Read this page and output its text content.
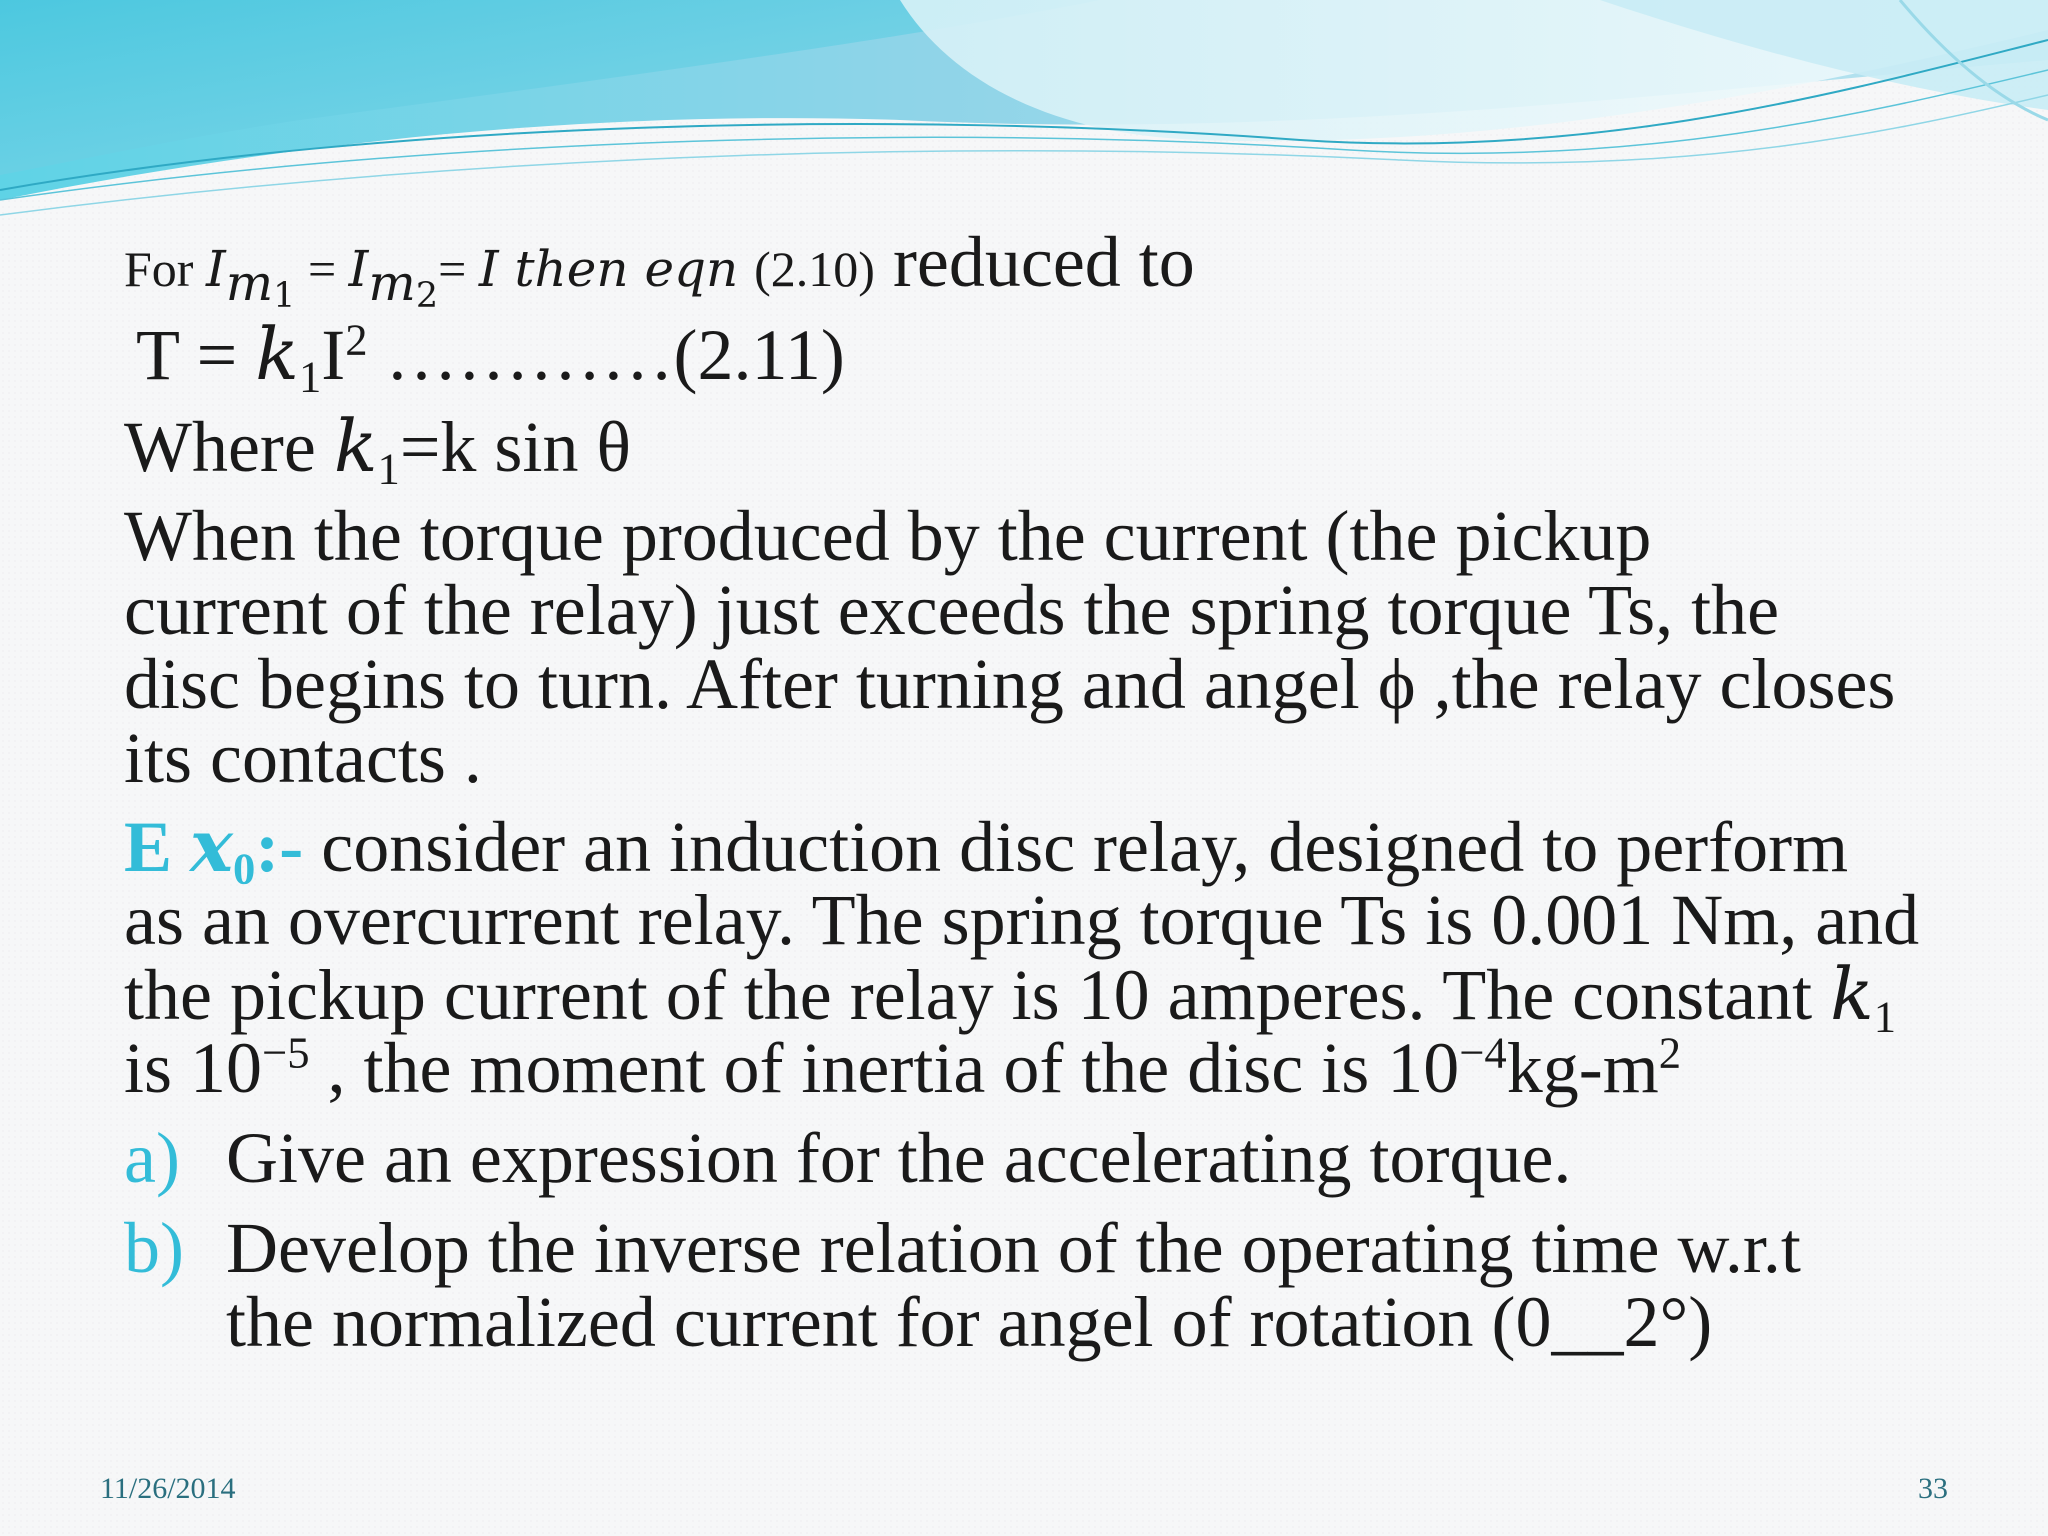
For $I_{m1} = I_{m2}= I$ then eqn (2.10) reduced to
$T = k_1I^2$ …………(2.11)
Where $k_1=k$ sin θ
When the torque produced by the current (the pickup
current of the relay) just exceeds the spring torque Ts, the
disc begins to turn. After turning and angel ϕ ,the relay closes
its contacts .
E $x_0:-$ consider an induction disc relay, designed to perform
as an overcurrent relay. The spring torque Ts is 0.001 Nm, and
the pickup current of the relay is 10 amperes. The constant $k_1$
is $10^{-5}$ , the moment of inertia of the disc is $10^{-4}kg-m^2$
a) Give an expression for the accelerating torque.
b) Develop the inverse relation of the operating time w.r.t
the normalized current for angel of rotation (0__2°)
11/26/2014	33
